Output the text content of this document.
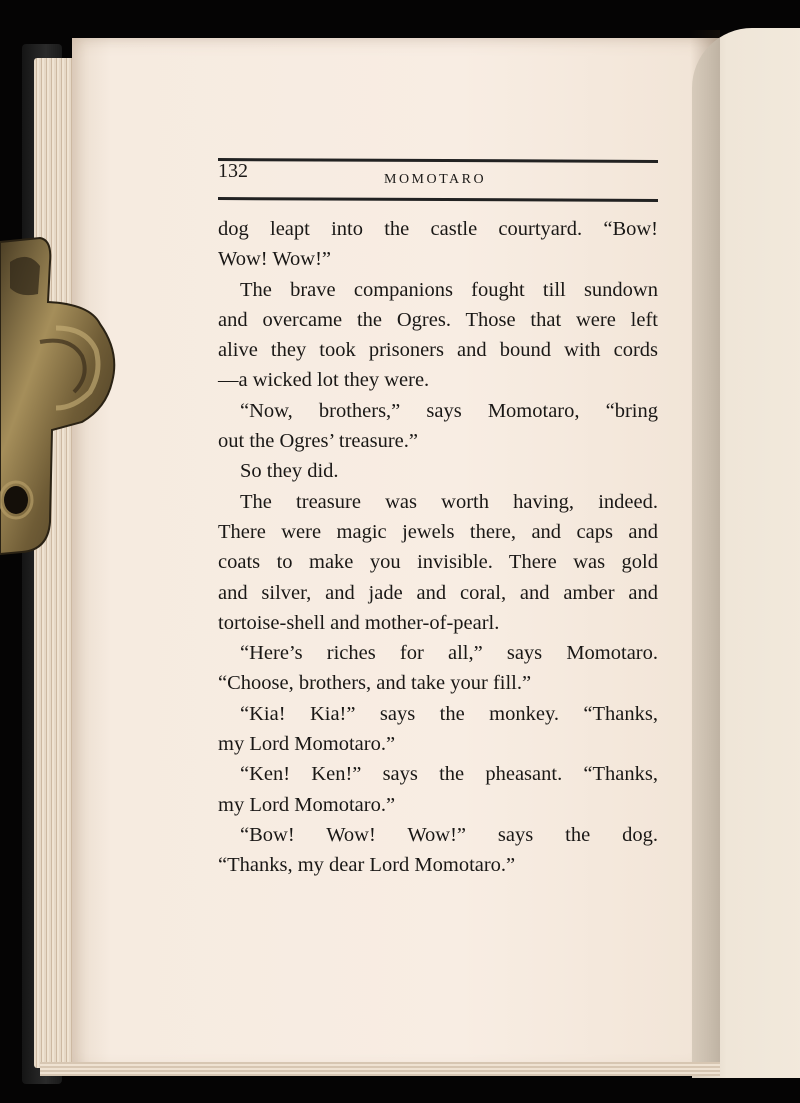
132	MOMOTARO
dog leapt into the castle courtyard. “Bow!
Wow! Wow!”
The brave companions fought till sundown
and overcame the Ogres. Those that were left
alive they took prisoners and bound with cords
—a wicked lot they were.
“Now, brothers,” says Momotaro, “bring
out the Ogres’ treasure.”
So they did.
The treasure was worth having, indeed.
There were magic jewels there, and caps and
coats to make you invisible. There was gold
and silver, and jade and coral, and amber and
tortoise-shell and mother-of-pearl.
“Here’s riches for all,” says Momotaro.
“Choose, brothers, and take your fill.”
“Kia! Kia!” says the monkey. “Thanks,
my Lord Momotaro.”
“Ken! Ken!” says the pheasant. “Thanks,
my Lord Momotaro.”
“Bow! Wow! Wow!” says the dog.
“Thanks, my dear Lord Momotaro.”
